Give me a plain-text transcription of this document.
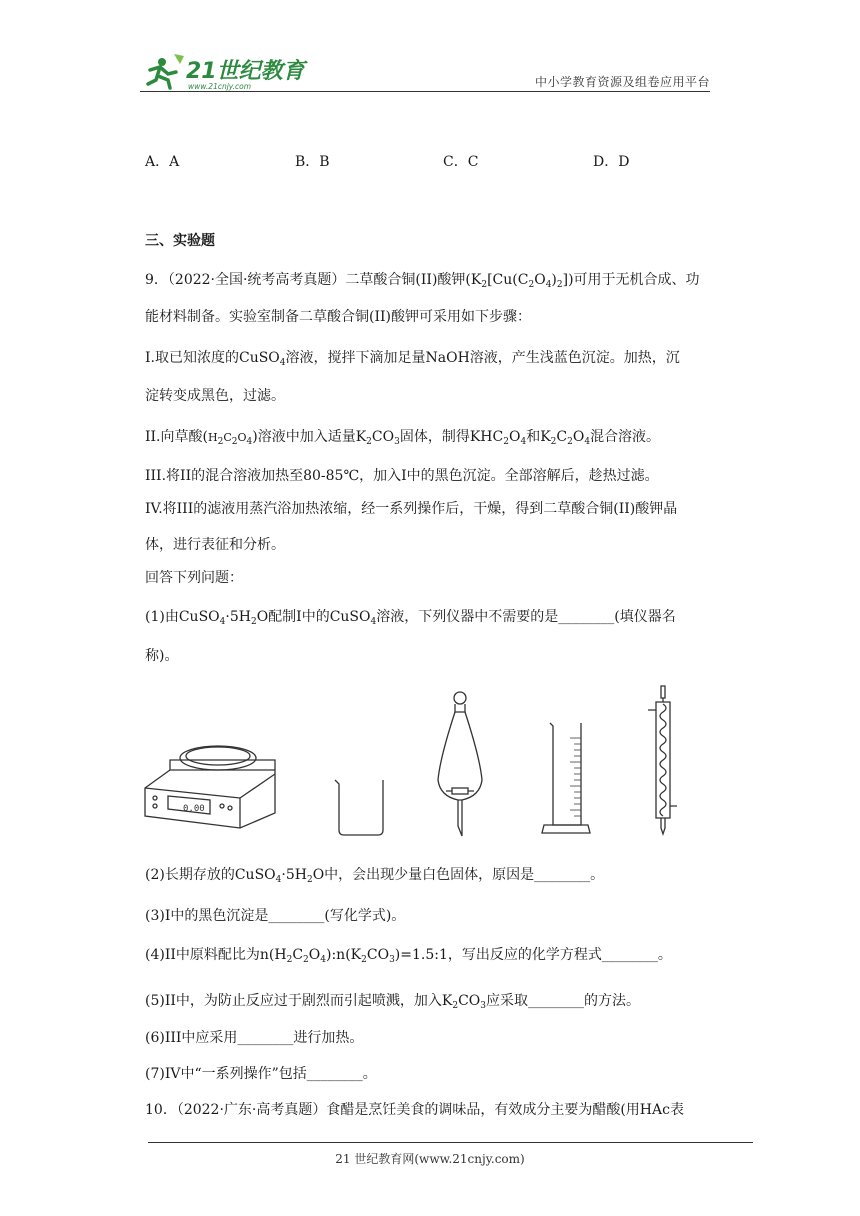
21世纪教育
www.21cnjy.com	中小学教育资源及组卷应用平台
A．A	B．B	C．C	D．D
三、实验题
9．（2022·全国·统考高考真题）二草酸合铜(II)酸钾$(K_2[Cu(C_2O_4)_2])$可用于无机合成、功
能材料制备。实验室制备二草酸合铜(II)酸钾可采用如下步骤：
I.取已知浓度的CuSO$_4$溶液，搅拌下滴加足量NaOH溶液，产生浅蓝色沉淀。加热，沉
淀转变成黑色，过滤。
II.向草酸$(H_2C_2O_4)$溶液中加入适量$K_2CO_3$固体，制得$KHC_2O_4$和$K_2C_2O_4$混合溶液。
III.将II的混合溶液加热至80-85℃，加入I中的黑色沉淀。全部溶解后，趁热过滤。
IV.将III的滤液用蒸汽浴加热浓缩，经一系列操作后，干燥，得到二草酸合铜(II)酸钾晶
体，进行表征和分析。
回答下列问题：
(1)由$CuSO_4\cdot 5H_2O$配制I中的CuSO$_4$溶液，下列仪器中不需要的是________(填仪器名
称)。
0.00
(2)长期存放的$CuSO_4\cdot 5H_2O$中，会出现少量白色固体，原因是________。
(3)I中的黑色沉淀是________(写化学式)。
(4)II中原料配比为$n(H_2C_2O_4):n(K_2CO_3)=1.5:1$，写出反应的化学方程式________。
(5)II中，为防止反应过于剧烈而引起喷溅，加入$K_2CO_3$应采取________的方法。
(6)III中应采用________进行加热。
(7)IV中“一系列操作”包括________。
10．（2022·广东·高考真题）食醋是烹饪美食的调味品，有效成分主要为醋酸(用HAc表
21 世纪教育网(www.21cnjy.com)
